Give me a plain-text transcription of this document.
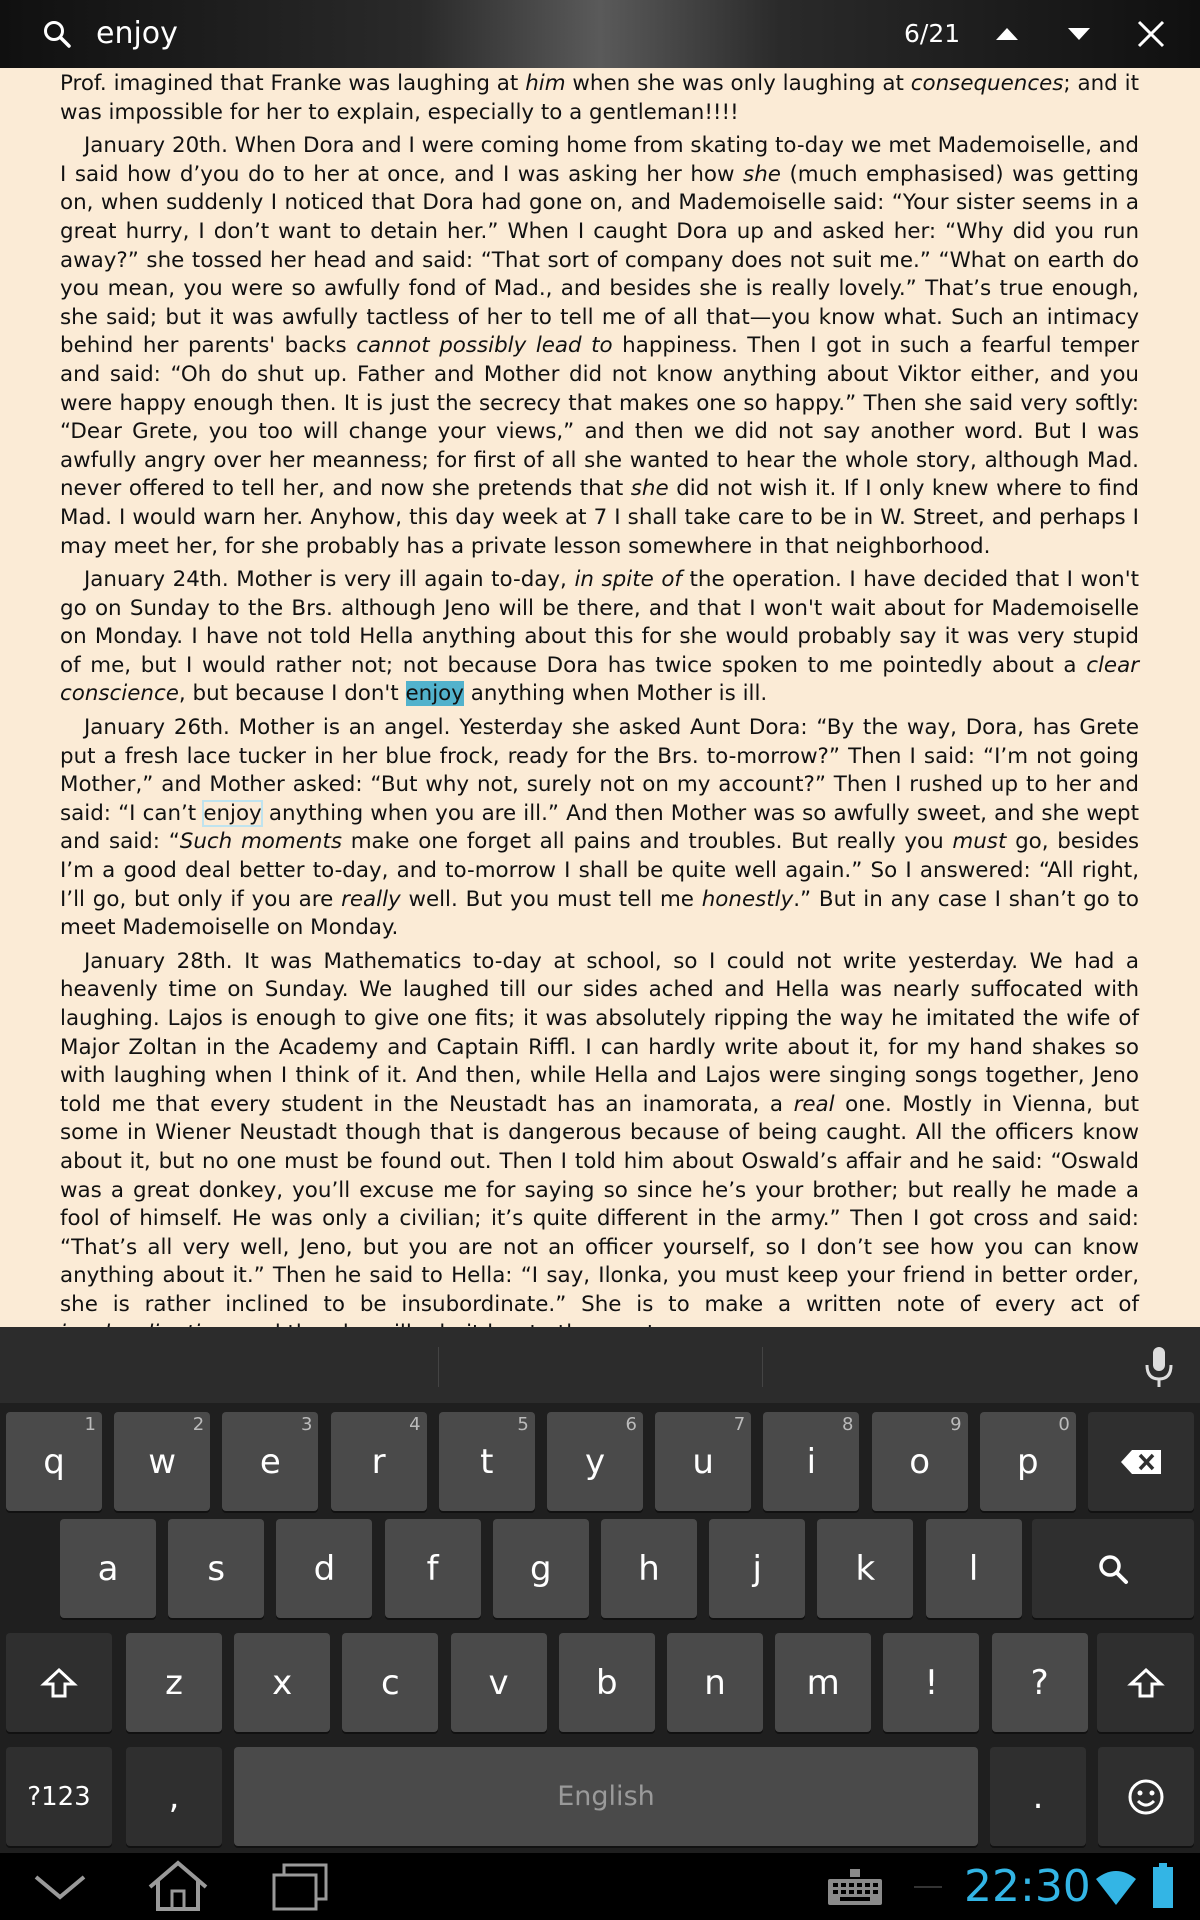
enjoy	6/21

Prof. imagined that Franke was laughing at him when she was only laughing at consequences; and it was impossible for her to explain, especially to a gentleman!!!!

January 20th. When Dora and I were coming home from skating to-day we met Mademoiselle, and I said how d’you do to her at once, and I was asking her how she (much emphasised) was getting on, when suddenly I noticed that Dora had gone on, and Mademoiselle said: “Your sister seems in a great hurry, I don’t want to detain her.” When I caught Dora up and asked her: “Why did you run away?” she tossed her head and said: “That sort of company does not suit me.” “What on earth do you mean, you were so awfully fond of Mad., and besides she is really lovely.” That’s true enough, she said; but it was awfully tactless of her to tell me of all that—you know what. Such an intimacy behind her parents' backs cannot possibly lead to happiness. Then I got in such a fearful temper and said: “Oh do shut up. Father and Mother did not know anything about Viktor either, and you were happy enough then. It is just the secrecy that makes one so happy.” Then she said very softly: “Dear Grete, you too will change your views,” and then we did not say another word. But I was awfully angry over her meanness; for first of all she wanted to hear the whole story, although Mad. never offered to tell her, and now she pretends that she did not wish it. If I only knew where to find Mad. I would warn her. Anyhow, this day week at 7 I shall take care to be in W. Street, and perhaps I may meet her, for she probably has a private lesson somewhere in that neighborhood.

January 24th. Mother is very ill again to-day, in spite of the operation. I have decided that I won't go on Sunday to the Brs. although Jeno will be there, and that I won't wait about for Mademoiselle on Monday. I have not told Hella anything about this for she would probably say it was very stupid of me, but I would rather not; not because Dora has twice spoken to me pointedly about a clear conscience, but because I don't enjoy anything when Mother is ill.

January 26th. Mother is an angel. Yesterday she asked Aunt Dora: “By the way, Dora, has Grete put a fresh lace tucker in her blue frock, ready for the Brs. to-morrow?” Then I said: “I’m not going Mother,” and Mother asked: “But why not, surely not on my account?” Then I rushed up to her and said: “I can’t enjoy anything when you are ill.” And then Mother was so awfully sweet, and she wept and said: “Such moments make one forget all pains and troubles. But really you must go, besides I’m a good deal better to-day, and to-morrow I shall be quite well again.” So I answered: “All right, I’ll go, but only if you are really well. But you must tell me honestly.” But in any case I shan’t go to meet Mademoiselle on Monday.

January 28th. It was Mathematics to-day at school, so I could not write yesterday. We had a heavenly time on Sunday. We laughed till our sides ached and Hella was nearly suffocated with laughing. Lajos is enough to give one fits; it was absolutely ripping the way he imitated the wife of Major Zoltan in the Academy and Captain Riffl. I can hardly write about it, for my hand shakes so with laughing when I think of it. And then, while Hella and Lajos were singing songs together, Jeno told me that every student in the Neustadt has an inamorata, a real one. Mostly in Vienna, but some in Wiener Neustadt though that is dangerous because of being caught. All the officers know about it, but no one must be found out. Then I told him about Oswald’s affair and he said: “Oswald was a great donkey, you’ll excuse me for saying so since he’s your brother; but really he made a fool of himself. He was only a civilian; it’s quite different in the army.” Then I got cross and said: “That’s all very well, Jeno, but you are not an officer yourself, so I don’t see how you can know anything about it.” Then he said to Hella: “I say, Ilonka, you must keep your friend in better order, she is rather inclined to be insubordinate.” She is to make a written note of every act of

q
1
w
2
e
3
r
4
t
5
y
6
u
7
i
8
o
9
p
0
a	s	d	f	g	h	j	k	l
z	x	c	v	b	n	m	!	?
?123	,	English	.
22:30
